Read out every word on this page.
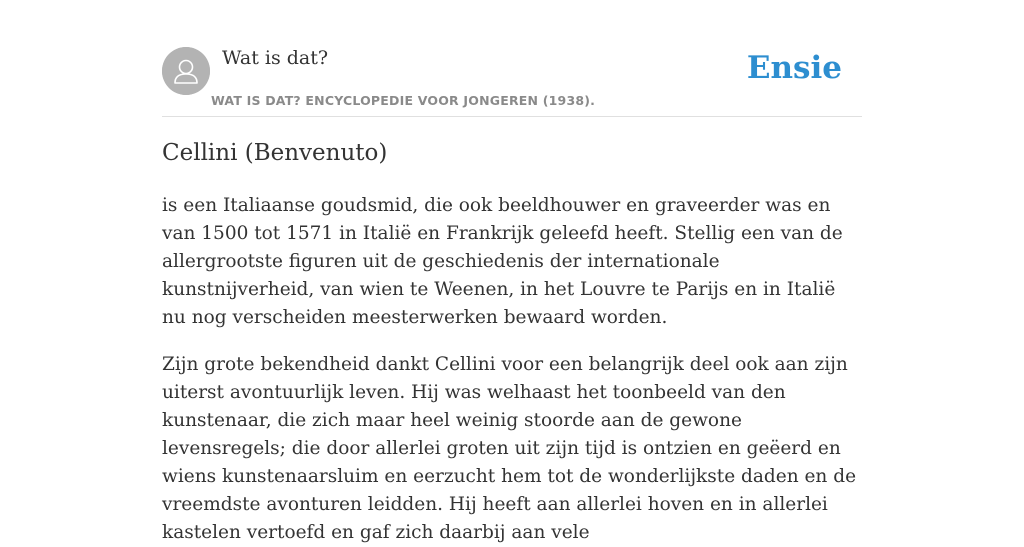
Wat is dat?
WAT IS DAT? ENCYCLOPEDIE VOOR JONGEREN (1938).
Ensie
Cellini (Benvenuto)

is een Italiaanse goudsmid, die ook beeldhouwer en graveerder was en van 1500 tot 1571 in Italië en Frankrijk geleefd heeft. Stellig een van de allergrootste figuren uit de geschiedenis der internationale kunstnijverheid, van wien te Weenen, in het Louvre te Parijs en in Italië nu nog verscheiden meesterwerken bewaard worden.

Zijn grote bekendheid dankt Cellini voor een belangrijk deel ook aan zijn uiterst avontuurlijk leven. Hij was welhaast het toonbeeld van den kunstenaar, die zich maar heel weinig stoorde aan de gewone levensregels; die door allerlei groten uit zijn tijd is ontzien en geëerd en wiens kunstenaarsluim en eerzucht hem tot de wonderlijkste daden en de vreemdste avonturen leidden. Hij heeft aan allerlei hoven en in allerlei kastelen vertoefd en gaf zich daarbij aan vele
